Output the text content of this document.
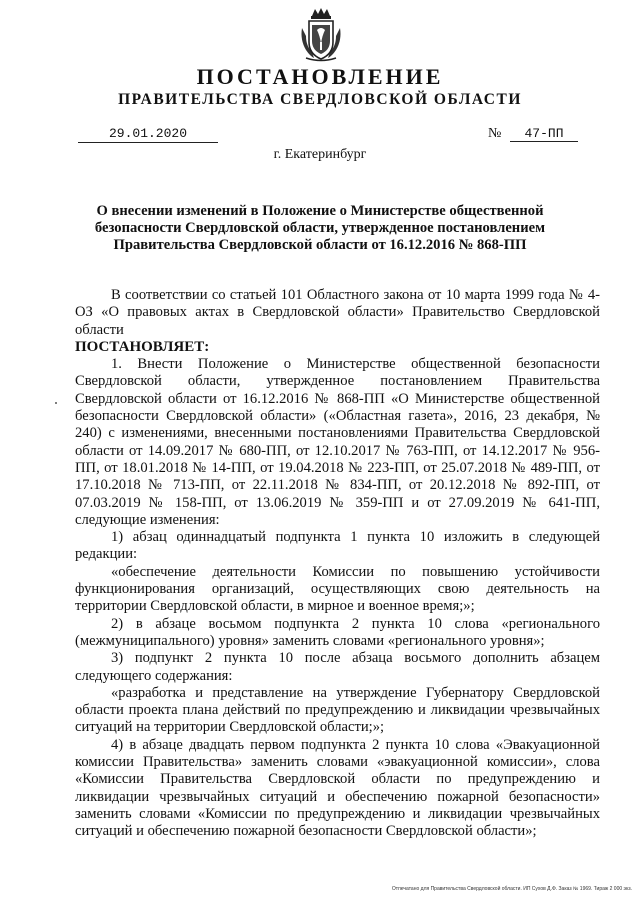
ПОСТАНОВЛЕНИЕ
ПРАВИТЕЛЬСТВА СВЕРДЛОВСКОЙ ОБЛАСТИ
29.01.2020	№ 47-ПП
г. Екатеринбург
О внесении изменений в Положение о Министерстве общественной
безопасности Свердловской области, утвержденное постановлением
Правительства Свердловской области от 16.12.2016 № 868-ПП

В соответствии со статьей 101 Областного закона от 10 марта 1999 года № 4-ОЗ «О правовых актах в Свердловской области» Правительство Свердловской области

ПОСТАНОВЛЯЕТ:

1. Внести Положение о Министерстве общественной безопасности Свердловской области, утвержденное постановлением Правительства Свердловской области от 16.12.2016 № 868-ПП «О Министерстве общественной безопасности Свердловской области» («Областная газета», 2016, 23 декабря, № 240) с изменениями, внесенными постановлениями Правительства Свердловской области от 14.09.2017 № 680-ПП, от 12.10.2017 № 763-ПП, от 14.12.2017 № 956-ПП, от 18.01.2018 № 14-ПП, от 19.04.2018 № 223-ПП, от 25.07.2018 № 489-ПП, от 17.10.2018 № 713-ПП, от 22.11.2018 № 834-ПП, от 20.12.2018 № 892-ПП, от 07.03.2019 № 158-ПП, от 13.06.2019 № 359-ПП и от 27.09.2019 № 641-ПП, следующие изменения:

1) абзац одиннадцатый подпункта 1 пункта 10 изложить в следующей редакции:

«обеспечение деятельности Комиссии по повышению устойчивости функционирования организаций, осуществляющих свою деятельность на территории Свердловской области, в мирное и военное время;»;

2) в абзаце восьмом подпункта 2 пункта 10 слова «регионального (межмуниципального) уровня» заменить словами «регионального уровня»;

3) подпункт 2 пункта 10 после абзаца восьмого дополнить абзацем следующего содержания:

«разработка и представление на утверждение Губернатору Свердловской области проекта плана действий по предупреждению и ликвидации чрезвычайных ситуаций на территории Свердловской области;»;

4) в абзаце двадцать первом подпункта 2 пункта 10 слова «Эвакуационной комиссии Правительства» заменить словами «эвакуационной комиссии», слова «Комиссии Правительства Свердловской области по предупреждению и ликвидации чрезвычайных ситуаций и обеспечению пожарной безопасности» заменить словами «Комиссии по предупреждению и ликвидации чрезвычайных ситуаций и обеспечению пожарной безопасности Свердловской области»;

Отпечатано для Правительства Свердловской области. ИП Сухов Д.Ф. Заказ № 1969. Тираж 2 000 экз.
